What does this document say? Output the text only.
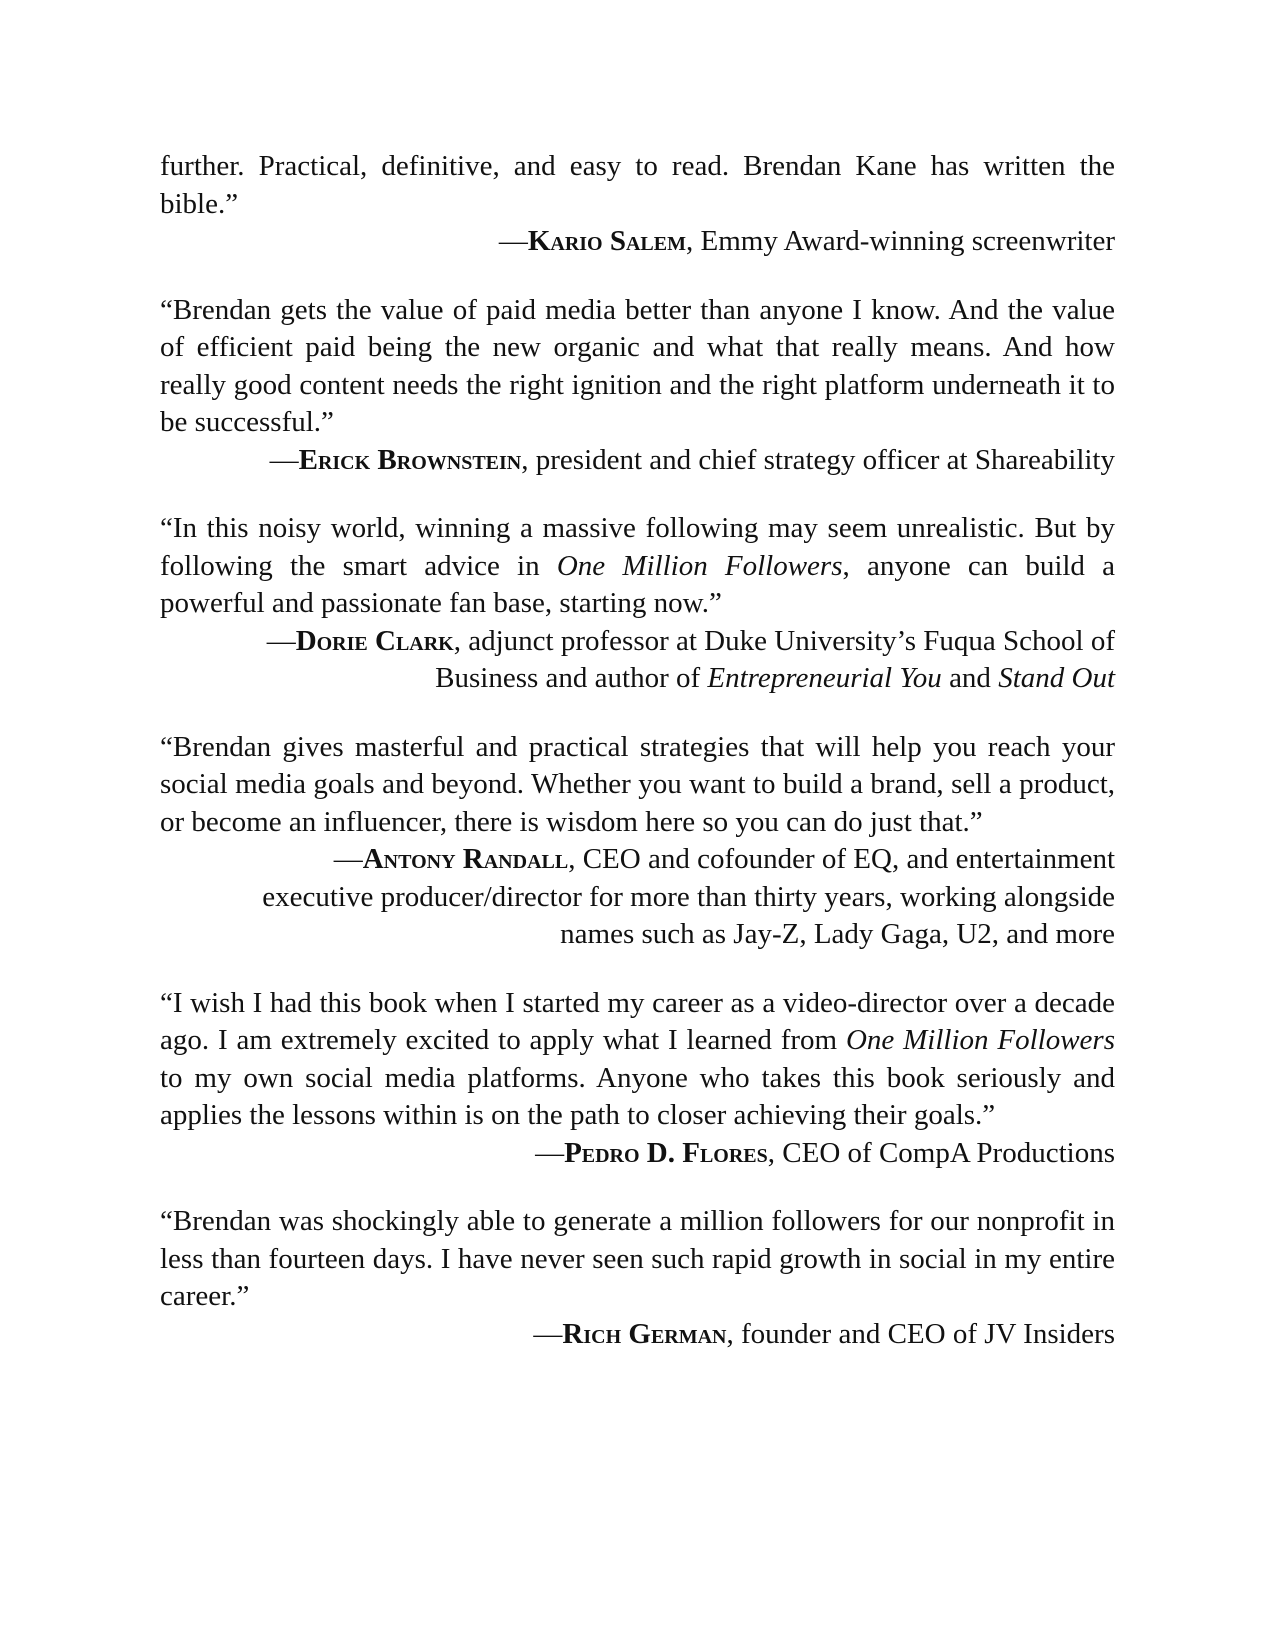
further. Practical, definitive, and easy to read. Brendan Kane has written the bible.”

—Kario Salem, Emmy Award-winning screenwriter

“Brendan gets the value of paid media better than anyone I know. And the value of efficient paid being the new organic and what that really means. And how really good content needs the right ignition and the right platform underneath it to be successful.”

—Erick Brownstein, president and chief strategy officer at Shareability

“In this noisy world, winning a massive following may seem unrealistic. But by following the smart advice in One Million Followers, anyone can build a powerful and passionate fan base, starting now.”

—Dorie Clark, adjunct professor at Duke University’s Fuqua School of Business and author of Entrepreneurial You and Stand Out

“Brendan gives masterful and practical strategies that will help you reach your social media goals and beyond. Whether you want to build a brand, sell a product, or become an influencer, there is wisdom here so you can do just that.”

—Antony Randall, CEO and cofounder of EQ, and entertainment
executive producer/director for more than thirty years, working alongside
names such as Jay-Z, Lady Gaga, U2, and more

“I wish I had this book when I started my career as a video-director over a decade ago. I am extremely excited to apply what I learned from One Million Followers to my own social media platforms. Anyone who takes this book seriously and applies the lessons within is on the path to closer achieving their goals.”

—Pedro D. Flores, CEO of CompA Productions

“Brendan was shockingly able to generate a million followers for our nonprofit in less than fourteen days. I have never seen such rapid growth in social in my entire career.”

—Rich German, founder and CEO of JV Insiders
